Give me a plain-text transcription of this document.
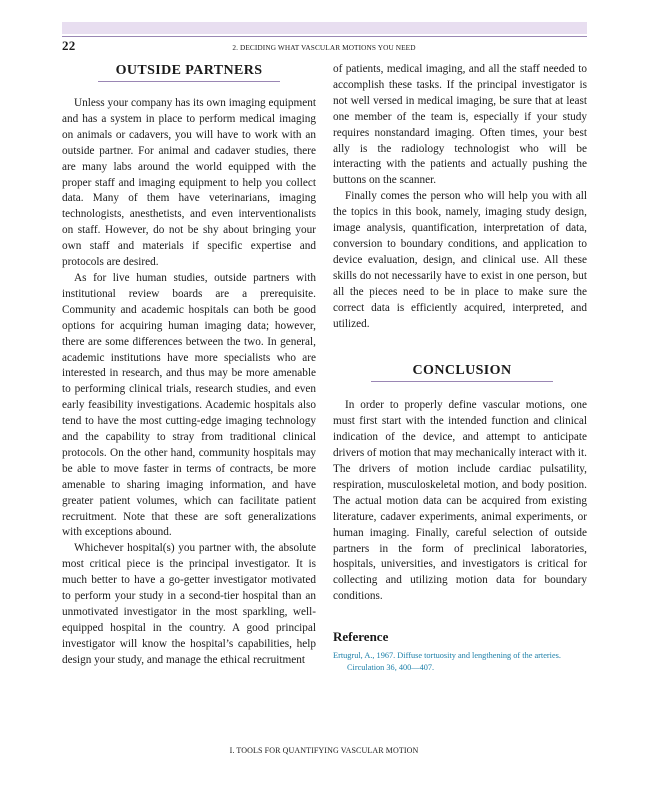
22	2. DECIDING WHAT VASCULAR MOTIONS YOU NEED
OUTSIDE PARTNERS

Unless your company has its own imaging equipment and has a system in place to perform medical imaging on animals or cadavers, you will have to work with an outside partner. For animal and cadaver studies, there are many labs around the world equipped with the proper staff and imaging equipment to help you collect data. Many of them have veterinarians, imaging technologists, anesthetists, and even interventionalists on staff. However, do not be shy about bringing your own staff and materials if specific expertise and protocols are desired.

As for live human studies, outside partners with institutional review boards are a prerequisite. Community and academic hospitals can both be good options for acquiring human imaging data; however, there are some differences between the two. In general, academic institutions have more specialists who are interested in research, and thus may be more amenable to performing clinical trials, research studies, and even early feasibility investigations. Academic hospitals also tend to have the most cutting-edge imaging technology and the capability to stray from traditional clinical protocols. On the other hand, community hospitals may be able to move faster in terms of contracts, be more amenable to sharing imaging information, and have greater patient volumes, which can facilitate patient recruitment. Note that these are soft generalizations with exceptions abound.

Whichever hospital(s) you partner with, the absolute most critical piece is the principal investigator. It is much better to have a go-getter investigator motivated to perform your study in a second-tier hospital than an unmotivated investigator in the most sparkling, well-equipped hospital in the country. A good principal investigator will know the hospital’s capabilities, help design your study, and manage the ethical recruitment

of patients, medical imaging, and all the staff needed to accomplish these tasks. If the principal investigator is not well versed in medical imaging, be sure that at least one member of the team is, especially if your study requires nonstandard imaging. Often times, your best ally is the radiology technologist who will be interacting with the patients and actually pushing the buttons on the scanner.

Finally comes the person who will help you with all the topics in this book, namely, imaging study design, image analysis, quantification, interpretation of data, conversion to boundary conditions, and application to device evaluation, design, and clinical use. All these skills do not necessarily have to exist in one person, but all the pieces need to be in place to make sure the correct data is efficiently acquired, interpreted, and utilized.

CONCLUSION

In order to properly define vascular motions, one must first start with the intended function and clinical indication of the device, and attempt to anticipate drivers of motion that may mechanically interact with it. The drivers of motion include cardiac pulsatility, respiration, musculoskeletal motion, and body position. The actual motion data can be acquired from existing literature, cadaver experiments, animal experiments, or human imaging. Finally, careful selection of outside partners in the form of preclinical laboratories, hospitals, universities, and investigators is critical for collecting and utilizing motion data for boundary conditions.

Reference
Ertugrul, A., 1967. Diffuse tortuosity and lengthening of the arteries. Circulation 36, 400—407.
I. TOOLS FOR QUANTIFYING VASCULAR MOTION
